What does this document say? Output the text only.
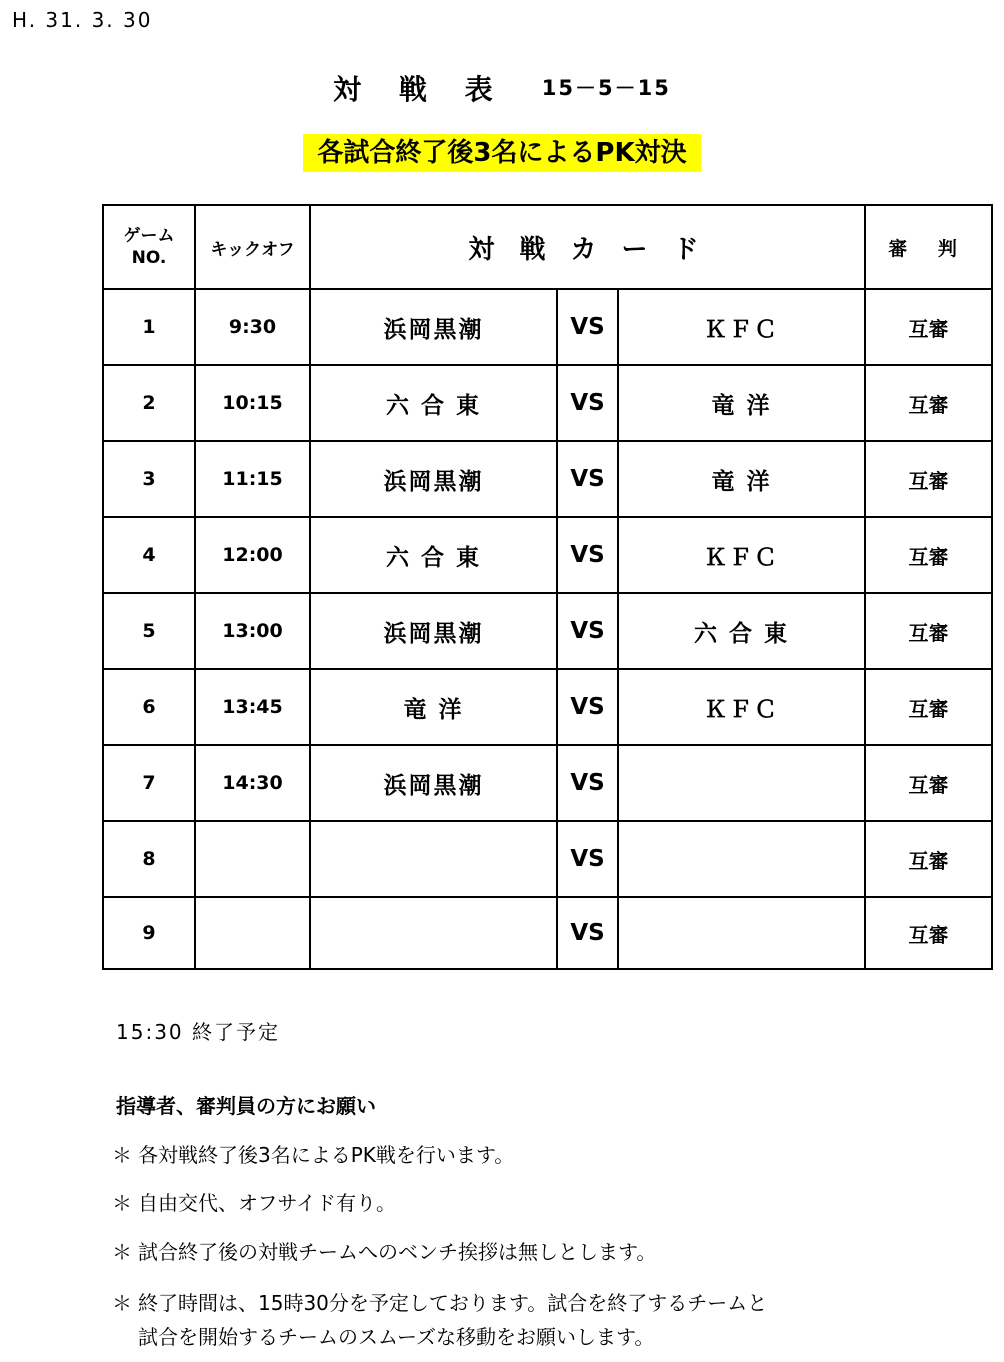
H. 31. 3. 30
対 戦 表 15－5－15
各試合終了後3名によるPK対決
ゲーム
NO.	キックオフ	対 戦 カ ー ド			審 判
1	9:30	浜岡黒潮	VS	ＫＦＣ	互審
2	10:15	六 合 東	VS	竜 洋	互審
3	11:15	浜岡黒潮	VS	竜 洋	互審
4	12:00	六 合 東	VS	ＫＦＣ	互審
5	13:00	浜岡黒潮	VS	六 合 東	互審
6	13:45	竜 洋	VS	ＫＦＣ	互審
7	14:30	浜岡黒潮	VS		互審
8			VS		互審
9			VS		互審
15:30 終了予定
指導者、審判員の方にお願い
＊ 各対戦終了後3名によるPK戦を行います。
＊ 自由交代、オフサイド有り。
＊ 試合終了後の対戦チームへのベンチ挨拶は無しとします。
＊ 終了時間は、15時30分を予定しております。試合を終了するチームと
試合を開始するチームのスムーズな移動をお願いします。
